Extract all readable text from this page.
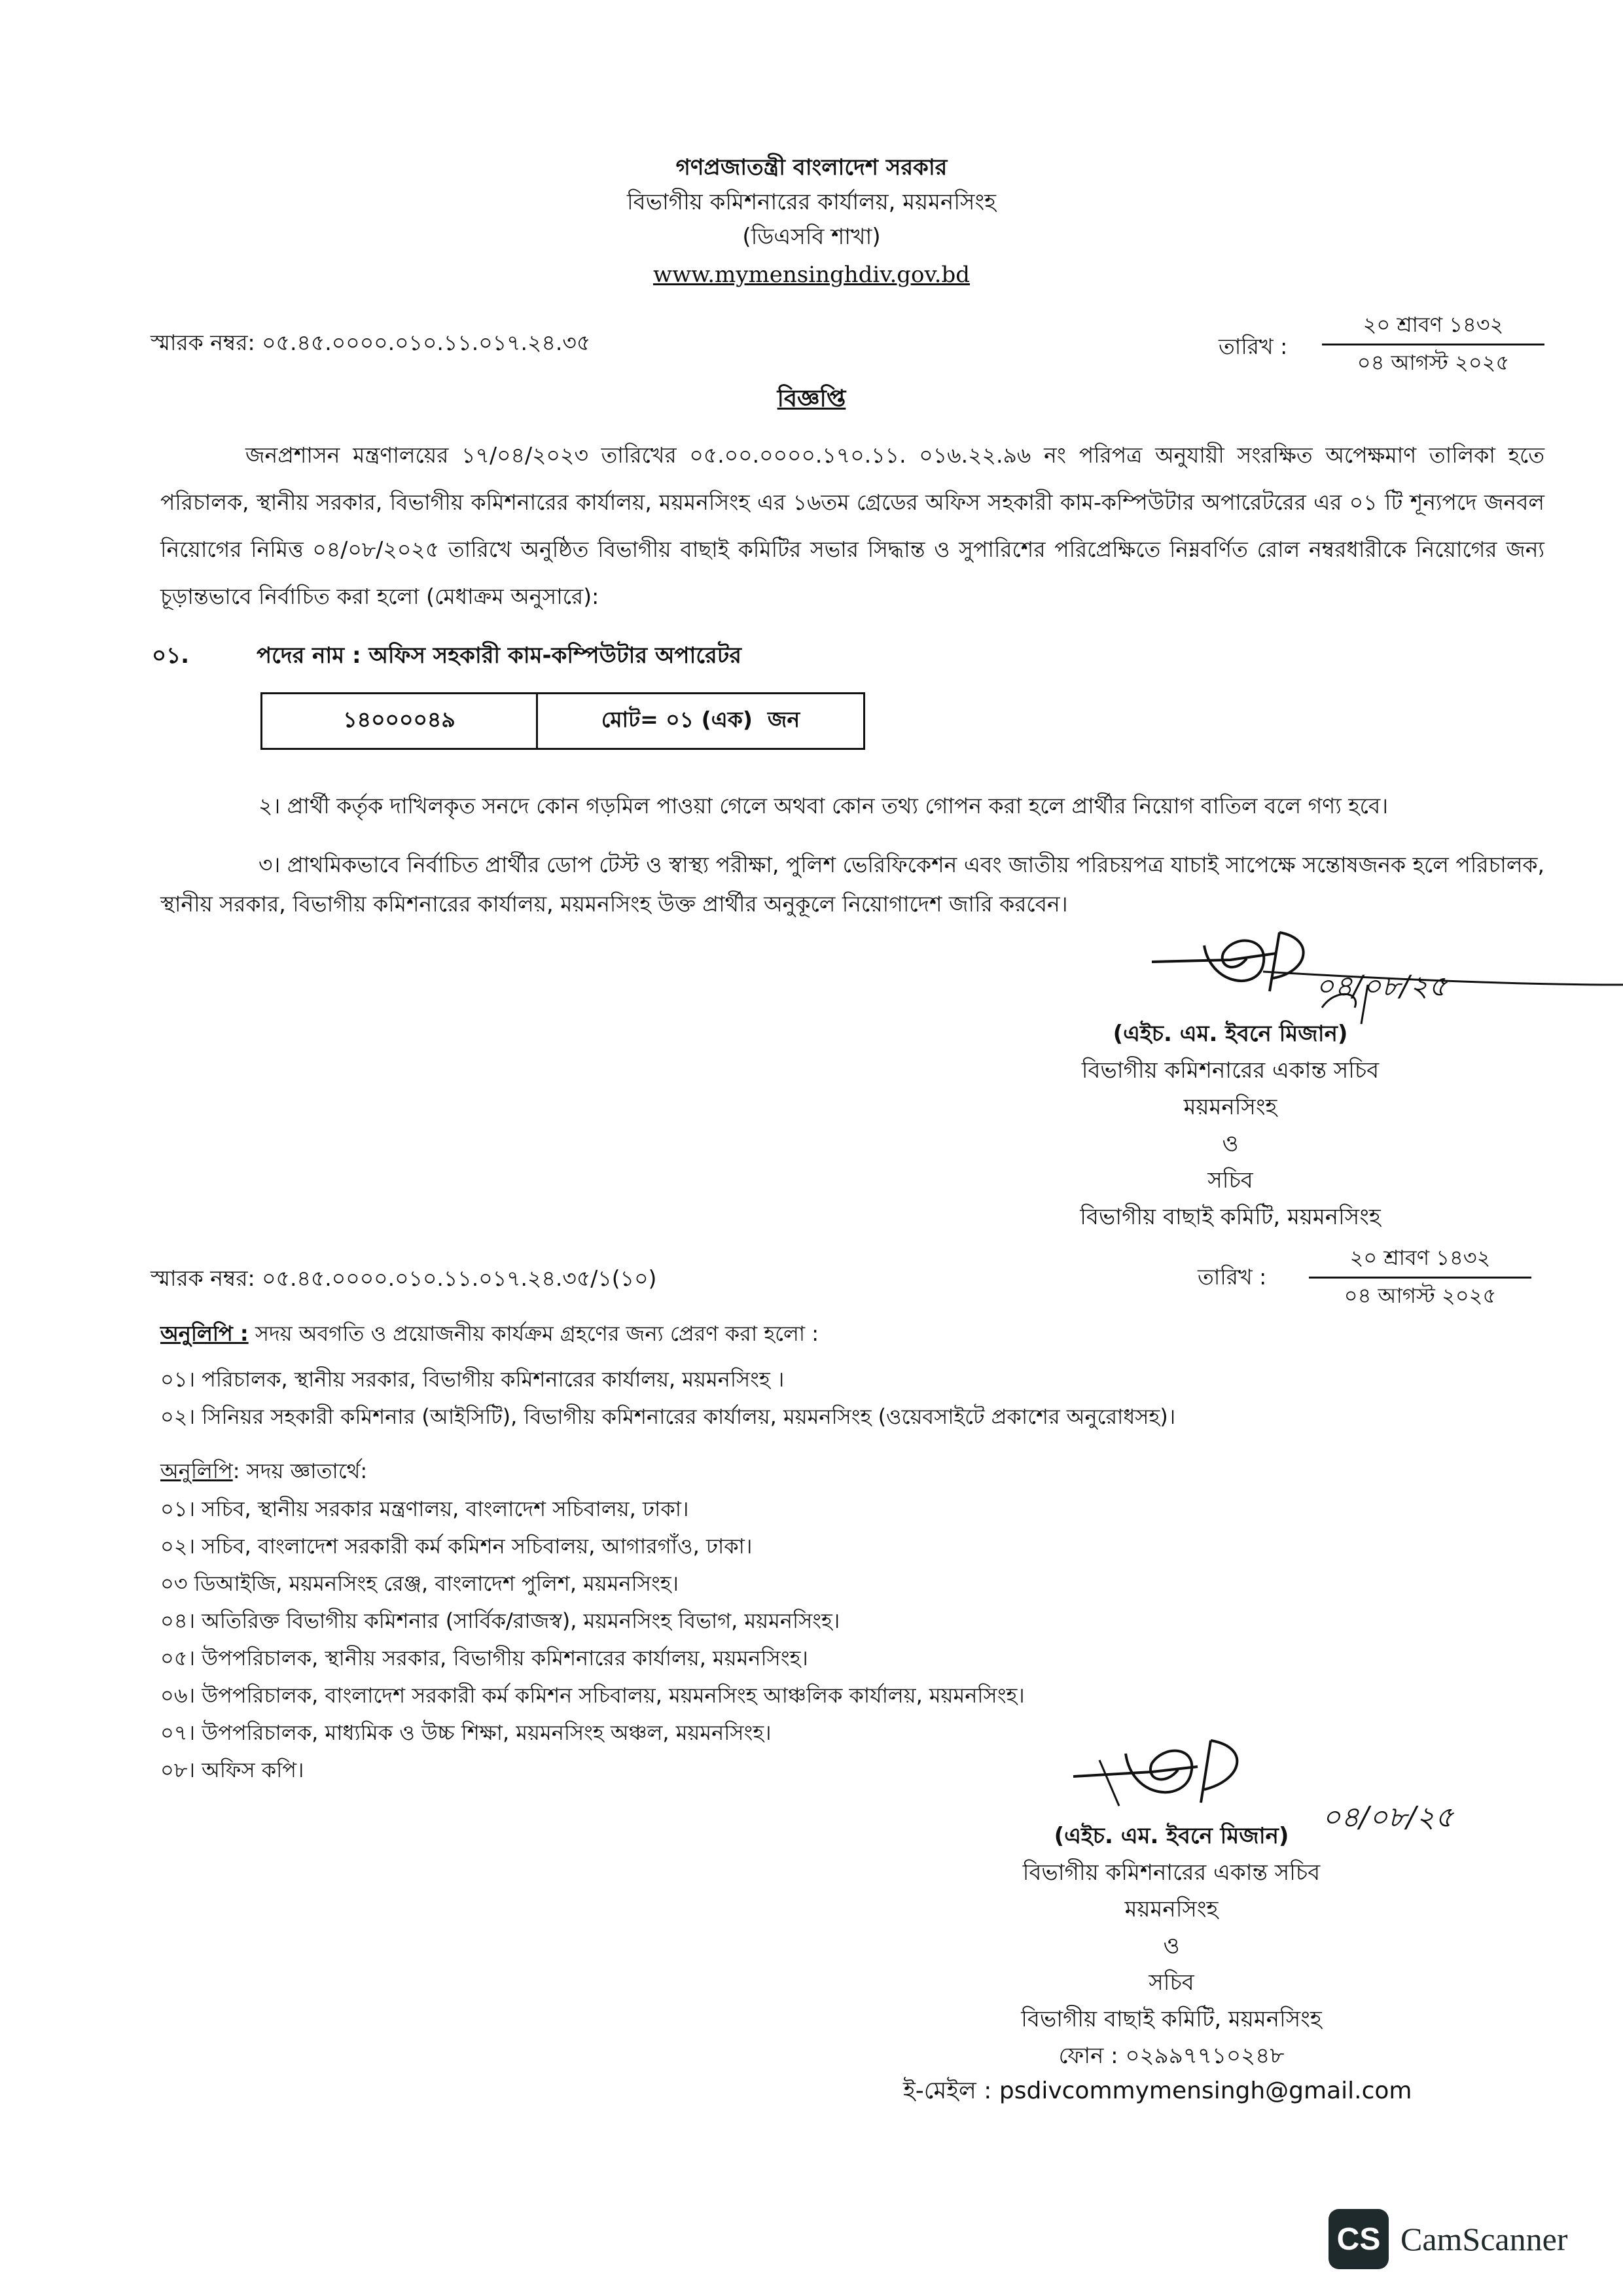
গণপ্রজাতন্ত্রী বাংলাদেশ সরকার
বিভাগীয় কমিশনারের কার্যালয়, ময়মনসিংহ
(ডিএসবি শাখা)
www.mymensinghdiv.gov.bd
স্মারক নম্বর: ০৫.৪৫.০০০০.০১০.১১.০১৭.২৪.৩৫	তারিখ :
২০ শ্রাবণ ১৪৩২
০৪ আগস্ট ২০২৫
বিজ্ঞপ্তি
জনপ্রশাসন মন্ত্রণালয়ের ১৭/০৪/২০২৩ তারিখের ০৫.০০.০০০০.১৭০.১১. ০১৬.২২.৯৬ নং পরিপত্র অনুযায়ী সংরক্ষিত অপেক্ষমাণ তালিকা হতে পরিচালক, স্থানীয় সরকার, বিভাগীয় কমিশনারের কার্যালয়, ময়মনসিংহ এর ১৬তম গ্রেডের অফিস সহকারী কাম-কম্পিউটার অপারেটরের এর ০১ টি শূন্যপদে জনবল নিয়োগের নিমিত্ত ০৪/০৮/২০২৫ তারিখে অনুষ্ঠিত বিভাগীয় বাছাই কমিটির সভার সিদ্ধান্ত ও সুপারিশের পরিপ্রেক্ষিতে নিম্নবর্ণিত রোল নম্বরধারীকে নিয়োগের জন্য চূড়ান্তভাবে নির্বাচিত করা হলো (মেধাক্রম অনুসারে):
০১.	পদের নাম : অফিস সহকারী কাম-কম্পিউটার অপারেটর
১৪০০০০৪৯	মোট= ০১ (এক)  জন
২। প্রার্থী কর্তৃক দাখিলকৃত সনদে কোন গড়মিল পাওয়া গেলে অথবা কোন তথ্য গোপন করা হলে প্রার্থীর নিয়োগ বাতিল বলে গণ্য হবে।
৩। প্রাথমিকভাবে নির্বাচিত প্রার্থীর ডোপ টেস্ট ও স্বাস্থ্য পরীক্ষা, পুলিশ ভেরিফিকেশন এবং জাতীয় পরিচয়পত্র যাচাই সাপেক্ষে সন্তোষজনক হলে পরিচালক, স্থানীয় সরকার, বিভাগীয় কমিশনারের কার্যালয়, ময়মনসিংহ উক্ত প্রার্থীর অনুকূলে নিয়োগাদেশ জারি করবেন।
০৪/০৮/২৫
(এইচ. এম. ইবনে মিজান)
বিভাগীয় কমিশনারের একান্ত সচিব
ময়মনসিংহ
ও
সচিব
বিভাগীয় বাছাই কমিটি, ময়মনসিংহ
স্মারক নম্বর: ০৫.৪৫.০০০০.০১০.১১.০১৭.২৪.৩৫/১(১০)	তারিখ :
২০ শ্রাবণ ১৪৩২
০৪ আগস্ট ২০২৫
অনুলিপি : সদয় অবগতি ও প্রয়োজনীয় কার্যক্রম গ্রহণের জন্য প্রেরণ করা হলো :
০১। পরিচালক, স্থানীয় সরকার, বিভাগীয় কমিশনারের কার্যালয়, ময়মনসিংহ ।
০২। সিনিয়র সহকারী কমিশনার (আইসিটি), বিভাগীয় কমিশনারের কার্যালয়, ময়মনসিংহ (ওয়েবসাইটে প্রকাশের অনুরোধসহ)।
অনুলিপি: সদয় জ্ঞাতার্থে:
০১। সচিব, স্থানীয় সরকার মন্ত্রণালয়, বাংলাদেশ সচিবালয়, ঢাকা।
০২। সচিব, বাংলাদেশ সরকারী কর্ম কমিশন সচিবালয়, আগারগাঁও, ঢাকা।
০৩ ডিআইজি, ময়মনসিংহ রেঞ্জ, বাংলাদেশ পুলিশ, ময়মনসিংহ।
০৪। অতিরিক্ত বিভাগীয় কমিশনার (সার্বিক/রাজস্ব), ময়মনসিংহ বিভাগ, ময়মনসিংহ।
০৫। উপপরিচালক, স্থানীয় সরকার, বিভাগীয় কমিশনারের কার্যালয়, ময়মনসিংহ।
০৬। উপপরিচালক, বাংলাদেশ সরকারী কর্ম কমিশন সচিবালয়, ময়মনসিংহ আঞ্চলিক কার্যালয়, ময়মনসিংহ।
০৭। উপপরিচালক, মাধ্যমিক ও উচ্চ শিক্ষা, ময়মনসিংহ অঞ্চল, ময়মনসিংহ।
০৮। অফিস কপি।
০৪/০৮/২৫
(এইচ. এম. ইবনে মিজান)
বিভাগীয় কমিশনারের একান্ত সচিব
ময়মনসিংহ
ও
সচিব
বিভাগীয় বাছাই কমিটি, ময়মনসিংহ
ফোন : ০২৯৯৭৭১০২৪৮
ই-মেইল : psdivcommymensingh@gmail.com
CS CamScanner
